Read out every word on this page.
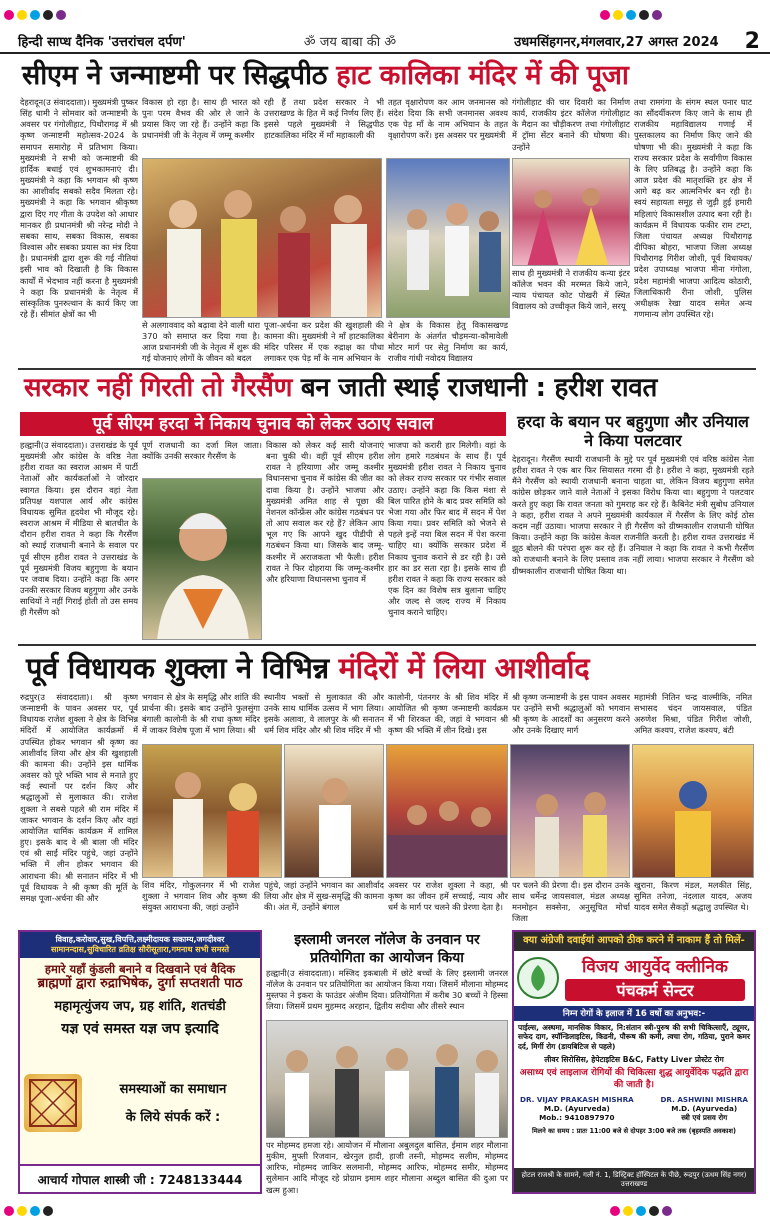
हिन्दी साप्ध दैनिक 'उत्तरांचल दर्पण'	ॐ जय बाबा की ॐ	उधमसिंहगनर,मंगलवार,27 अगस्त 2024 2
सीएम ने जन्माष्टमी पर सिद्धपीठ हाट कालिका मंदिर में की पूजा
देहरादून(उ संवाददाता)। मुख्यमंत्री पुष्कर सिंह धामी ने सोमवार को जन्माष्टमी के अवसर पर गंगोलीहाट, पिथौरागढ़ में श्री कृष्ण जन्माष्टमी महोत्सव-2024 के समापन समारोह में प्रतिभाग किया। मुख्यमंत्री ने सभी को जन्माष्टमी की हार्दिक बधाई एवं शुभकामनाएं दी। मुख्यमंत्री ने कहा कि भगवान श्री कृष्ण का आशीर्वाद सबको सदैव मिलता रहे। मुख्यमंत्री ने कहा कि भगवान श्रीकृष्ण द्वारा दिए गए गीता के उपदेश को आधार मानकर ही प्रधानमंत्री श्री नरेन्द्र मोदी ने सबका साथ, सबका विकास, सबका विश्वास और सबका प्रयास का मंत्र दिया है। प्रधानमंत्री द्वारा शुरू की गई नीतियां इसी भाव को दिखाती है कि विकास कार्यों में भेदभाव नहीं करना है मुख्यमंत्री ने कहा कि प्रधानमंत्री के नेतृत्व में सांस्कृतिक पुनरुत्थान के कार्य किए जा रहे हैं। सीमांत क्षेत्रों का भी
विकास हो रहा है। साथ ही भारत को पुनः परम वैभव की ओर ले जाने के प्रयास किए जा रहे हैं। उन्होंने कहा कि प्रधानमंत्री जी के नेतृत्व में जम्मू कश्मीर
रही हैं तथा प्रदेश सरकार ने भी उत्तराखण्ड के हित में कई निर्णय लिए हैं। इससे पहले मुख्यमंत्री ने सिद्धपीठ हाटकालिका मंदिर में माँ महाकाली की
तहत वृक्षारोपण कर आम जनमानस को संदेश दिया कि सभी जनमानस अवश्य एक पेड़ माँ के नाम अभियान के तहत वृक्षारोपण करें। इस अवसर पर मुख्यमंत्री
गंगोलीहाट की चार दिवारी का निर्माण कार्य, राजकीय इंटर कॉलेज गंगोलीहाट के मैदान का चौड़ीकरण तथा गंगोलीहाट में ट्रॉमा सेंटर बनाने की घोषणा की।उन्होंने
से अलगाववाद को बढ़ावा देने वाली धारा 370 को समाप्त कर दिया गया है। आज प्रधानमंत्री जी के नेतृत्व में शुरू की गई योजनाएं लोगों के जीवन को बदल
पूजा-अर्चना कर प्रदेश की खुशहाली की कामना की। मुख्यमंत्री ने माँ हाटकालिका मंदिर परिसर में एक रुद्राक्ष का पौधा लगाकर एक पेड़ माँ के नाम अभियान के
ने क्षेत्र के विकास हेतु विकासखण्ड बेरीनाग के अंतर्गत चौड़मन्या-कौमावेली मोटर मार्ग पर सेतु निर्माण का कार्य, राजीव गांधी नवोदय विद्यालय
साथ ही मुख्यमंत्री ने राजकीय कन्या इंटर कॉलेज भवन की मरम्मत किये जाने, न्याय पंचायत कोट पोखरी में स्थित विद्यालय को उच्चीकृत किये जाने, सरयू
तथा रामगंगा के संगम स्थल पनार घाट का सौंदर्यीकरण किए जाने के साथ ही राजकीय महाविद्यालय गणाई में पुस्तकालय का निर्माण किए जाने की घोषणा भी की। मुख्यमंत्री ने कहा कि राज्य सरकार प्रदेश के सर्वांगीण विकास के लिए प्रतिबद्ध है। उन्होंने कहा कि आज प्रदेश की मातृशक्ति हर क्षेत्र में आगे बढ़ कर आत्मनिर्भर बन रही है। स्वयं सहायता समूह से जुड़ी हुई हमारी महिलाएं विकासशील उत्पाद बना रही है। कार्यक्रम में विधायक फकीर राम टम्टा, जिला पंचायत अध्यक्ष पिथौरागढ़ दीपिका बोहरा, भाजपा जिला अध्यक्ष पिथौरागढ़ गिरीश जोशी, पूर्व विधायक/प्रदेश उपाध्यक्ष भाजपा मीना गंगोला, प्रदेश महामंत्री भाजपा आदित्य कोठारी, जिलाधिकारी रीना जोशी, पुलिस अधीक्षक रेखा यादव समेत अन्य गणमान्य लोग उपस्थित रहे।
सरकार नहीं गिरती तो गैरसैंण बन जाती स्थाई राजधानी : हरीश रावत
पूर्व सीएम हरदा ने निकाय चुनाव को लेकर उठाए सवाल
हल्द्वानी(उ संवाददाता)। उत्तराखंड के पूर्व मुख्यमंत्री और कांग्रेस के वरिष्ठ नेता हरीश रावत का स्वराज आश्रम में पार्टी नेताओं और कार्यकर्ताओं ने जोरदार स्वागत किया। इस दौरान वहां नेता प्रतिपक्ष यशपाल आर्य और कांग्रेस विधायक सुमित हृदयेश भी मौजूद रहे। स्वराज आश्रम में मीडिया से बातचीत के दौरान हरीश रावत ने कहा कि गैरसैंण को स्थाई राजधानी बनाने के सवाल पर पूर्व सीएम हरीश रावत ने उत्तराखंड के पूर्व मुख्यमंत्री विजय बहुगुणा के बयान पर जवाब दिया। उन्होंने कहा कि अगर उनकी सरकार विजय बहुगुणा और उनके साथियों ने नहीं गिराई होती तो उस समय ही गैरसैंण को
पूर्ण राजधानी का दर्जा मिल जाता। क्योंकि उनकी सरकार गैरसैंण के
विकास को लेकर कई सारी योजनाएं बना चुकी थी। वहीं पूर्व सीएम हरीश रावत ने हरियाणा और जम्मू कश्मीर विधानसभा चुनाव में कांग्रेस की जीत का दावा किया है। उन्होंने भाजपा और मुख्यमंत्री अमित शाह से पूछा की नेशनल कॉन्फ्रेंस और कांग्रेस गठबंधन पर तो आप सवाल कर रहे हैं? लेकिन आप भूल गए कि आपने खुद पीडीपी से गठबंधन किया था। जिसके बाद जम्मू-कश्मीर में अराजकता भी फैली। हरीश रावत ने फिर दोहराया कि जम्मू-कश्मीर और हरियाणा विधानसभा चुनाव में
भाजपा को करारी हार मिलेगी। वहां के लोग हमारे गठबंधन के साथ हैं। पूर्व मुख्यमंत्री हरीश रावत ने निकाय चुनाव को लेकर राज्य सरकार पर गंभीर सवाल उठाए। उन्होंने कहा कि किस मंशा से बिल पारित होने के बाद प्रवर समिति को भेजा गया और फिर बाद में सदन में पेश किया गया। प्रवर समिति को भेजने से पहले इन्हें नया बिल सदन में पेश करना चाहिए था। क्योंकि सरकार प्रदेश में निकाय चुनाव कराने से डर रही है। उसे हार का डर सता रहा है। इसके साथ ही हरीश रावत ने कहा कि राज्य सरकार को एक दिन का विशेष सत्र बुलाना चाहिए और जल्द से जल्द राज्य में निकाय चुनाव कराने चाहिए।
हरदा के बयान पर बहुगुणा और उनियाल ने किया पलटवार
देहरादून। गैरसैंण स्थायी राजधानी के मुद्दे पर पूर्व मुख्यमंत्री एवं वरिष्ठ कांग्रेस नेता हरीश रावत ने एक बार फिर सियासत गरमा दी है। हरीश ने कहा, मुख्यमंत्री रहते मैंने गैरसैंण को स्थायी राजधानी बनाना चाहता था, लेकिन विजय बहुगुणा समेत कांग्रेस छोड़कर जाने वाले नेताओं ने इसका विरोध किया था। बहुगुणा ने पलटवार करते हुए कहा कि रावत जनता को गुमराह कर रहे हैं। कैबिनेट मंत्री सुबोध उनियाल ने कहा, हरीश रावत ने अपने मुख्यमंत्री कार्यकाल में गैरसैंण के लिए कोई ठोस कदम नहीं उठाया। भाजपा सरकार ने ही गैरसैंण को ग्रीष्मकालीन राजधानी घोषित किया। उन्होंने कहा कि कांग्रेस केवल राजनीति करती है। हरीश रावत उत्तराखंड में झूठ बोलने की परंपरा शुरू कर रहे हैं। उनियाल ने कहा कि रावत ने कभी गैरसैंण को राजधानी बनाने के लिए प्रस्ताव तक नहीं लाया। भाजपा सरकार ने गैरसैंण को ग्रीष्मकालीन राजधानी घोषित किया था।
पूर्व विधायक शुक्ला ने विभिन्न मंदिरों में लिया आशीर्वाद
रुद्रपुर(उ संवाददाता)। श्री कृष्ण जन्माष्टमी के पावन अवसर पर, पूर्व विधायक राजेश शुक्ला ने क्षेत्र के विभिन्न मंदिरों में आयोजित कार्यक्रमों में उपस्थित होकर भगवान श्री कृष्ण का आशीर्वाद लिया और क्षेत्र की खुशहाली की कामना की। उन्होंने इस धार्मिक अवसर को पूरे भक्ति भाव से मनाते हुए कई स्थानों पर दर्शन किए और श्रद्धालुओं से मुलाकात की। राजेश शुक्ला ने सबसे पहले श्री राम मंदिर में जाकर भगवान के दर्शन किए और वहां आयोजित धार्मिक कार्यक्रम में शामिल हुए। इसके बाद वे श्री बाला जी मंदिर एवं श्री साईं मंदिर पहुंचे, जहां उन्होंने भक्ति में लीन होकर भगवान की आराधना की। श्री सनातन मंदिर में भी पूर्व विधायक ने श्री कृष्ण की मूर्ति के समक्ष पूजा-अर्चना की और
भगवान से क्षेत्र के समृद्धि और शांति की प्रार्थना की। इसके बाद उन्होंने फुलसुंगा बंगाली कालोनी के श्री राधा कृष्ण मंदिर में जाकर विशेष पूजा में भाग लिया। श्री
स्थानीय भक्तों से मुलाकात की और उनके साथ धार्मिक उत्सव में भाग लिया। इसके अलावा, वे लालपुर के श्री सनातन धर्म शिव मंदिर और श्री शिव मंदिर में भी
कालोनी, पंतनगर के श्री शिव मंदिर में आयोजित श्री कृष्ण जन्माष्टमी कार्यक्रम में भी शिरकत की, जहां वे भगवान श्री कृष्ण की भक्ति में लीन दिखे। इस
श्री कृष्ण जन्माष्टमी के इस पावन अवसर पर उन्होंने सभी श्रद्धालुओं को भगवान श्री कृष्ण के आदर्शों का अनुसरण करने और उनके दिखाए मार्ग
महामंत्री नितिन चन्द्र वाल्मीकि, नमित सभासद चंदन जायसवाल, पंडित अरुणेश मिश्रा, पंडित गिरीश जोशी, अमित कश्यप, राजेश कश्यप, बंटी
शिव मंदिर, गोकुलनगर में भी राजेश शुक्ला ने भगवान शिव और कृष्ण की संयुक्त आराधना की, जहां उन्होंने
पहुंचे, जहां उन्होंने भगवान का आशीर्वाद लिया और क्षेत्र में सुख-समृद्धि की कामना की। अंत में, उन्होंने बंगाल
अवसर पर राजेश शुक्ला ने कहा, श्री कृष्ण का जीवन हमें सच्चाई, न्याय और धर्म के मार्ग पर चलने की प्रेरणा देता है।
पर चलने की प्रेरणा दी। इस दौरान उनके साथ धर्मेन्द्र जायसवाल, मंडल अध्यक्ष मनमोहन सक्सेना, अनुसूचित मोर्चा जिला
खुराना, किरण मंडल, मलकीत सिंह, सुमित तनेजा, नंदलाल यादव, अजय यादव समेत सैकड़ों श्रद्धालु उपस्थित थे।
विवाह,करोवार,सुख,विपत्ति,लक्ष्मीदायक सकाम्य,जगदीश्वर
सामानन्दास,सुविचारित व्रतिक्ष सौरीसूतारा,गमनाथ सभी समस्ते
हमारे यहाँ कुंडली बनाने व दिखवाने एवं वैदिक
ब्राह्मणों द्वारा रुद्राभिषेक, दुर्गा सप्तशती पाठ
महामृत्युंजय जप, ग्रह शांति, शतचंडी
यज्ञ एवं समस्त यज्ञ जप इत्यादि
समस्याओं का समाधान
के लिये संपर्क करें :
आचार्य गोपाल शास्त्री जी : 7248133444
इस्लामी जनरल नॉलेज के उनवान पर प्रतियोगिता का आयोजन किया
हल्द्वानी(उ संवाददाता)। मस्जिद इकबाली में छोटे बच्चों के लिए इस्लामी जनरल नॉलेज के उनवान पर प्रतियोगिता का आयोजन किया गया। जिसमें मौलाना मोहम्मद मुस्तफा ने इकरा के फाउंडर अंजीम दिया। प्रतियोगिता में करीब 30 बच्चों ने हिस्सा लिया। जिसमें प्रथम मुहम्मद अरहान, द्वितीय सदीया और तीसरे स्थान
पर मोहम्मद हमजा रहे। आयोजन में मौलाना अबुलदुल बासित, ईमाम शहर मौलाना मुकीम, मुफ्ती रिजवान, खेरनुल हादी, हाजी तस्नी, मोहम्मद सलीम, मोहम्मद आरिफ, मोहम्मद जाकिर सलमानी, मोहम्मद आरिफ, मोहम्मद समीर, मोहम्मद सुलेमान आदि मौजूद रहे प्रोग्राम इमाम शहर मौलाना अब्दुल बासित की दुआ पर खत्म हुआ।
क्या अंग्रेजी दवाईयां आपको ठीक करने में नाकाम हैं तो मिलें-
विजय आयुर्वेद क्लीनिक
पंचकर्म सेन्टर
निम्न रोगों के इलाज में 16 वर्षो का अनुभव:-
पाईल्स, अस्थमा, मानसिक विकार, नि:संतान स्त्री-पुरुष की सभी चिकित्साएँ, ट्यूमर, सफेद दाग, स्पॉन्डिलाइटिस, किडनी, पौरूष की कमी, त्वचा रोग, गठिया, पुराने कमर दर्द, मिर्गी रोग (डायबिटिज से पहले)
लीवर सिरोसिस, हेपेटाइटिस B&C, Fatty Liver प्रोस्टेट रोग
असाध्य एवं लाइलाज रोगियों की चिकित्सा शुद्ध आयुर्वेदिक पद्धति द्वारा की जाती है।
DR. VIJAY PRAKASH MISHRA
M.D. (Ayurveda)
Mob.: 9410897970
DR. ASHWINI MISHRA
M.D. (Ayurveda)
स्त्री एवं प्रसव रोग
मिलने का समय : प्रातः 11:00 बजे से दोपहर 3:00 बजे तक (बृहस्पति अवकाश)
होटल राजश्री के सामने, गली नं. 1, डिस्ट्रिक्ट हॉस्पिटल के पीछे, रूद्रपुर (ऊधम सिंह नगर) उत्तराखण्ड
